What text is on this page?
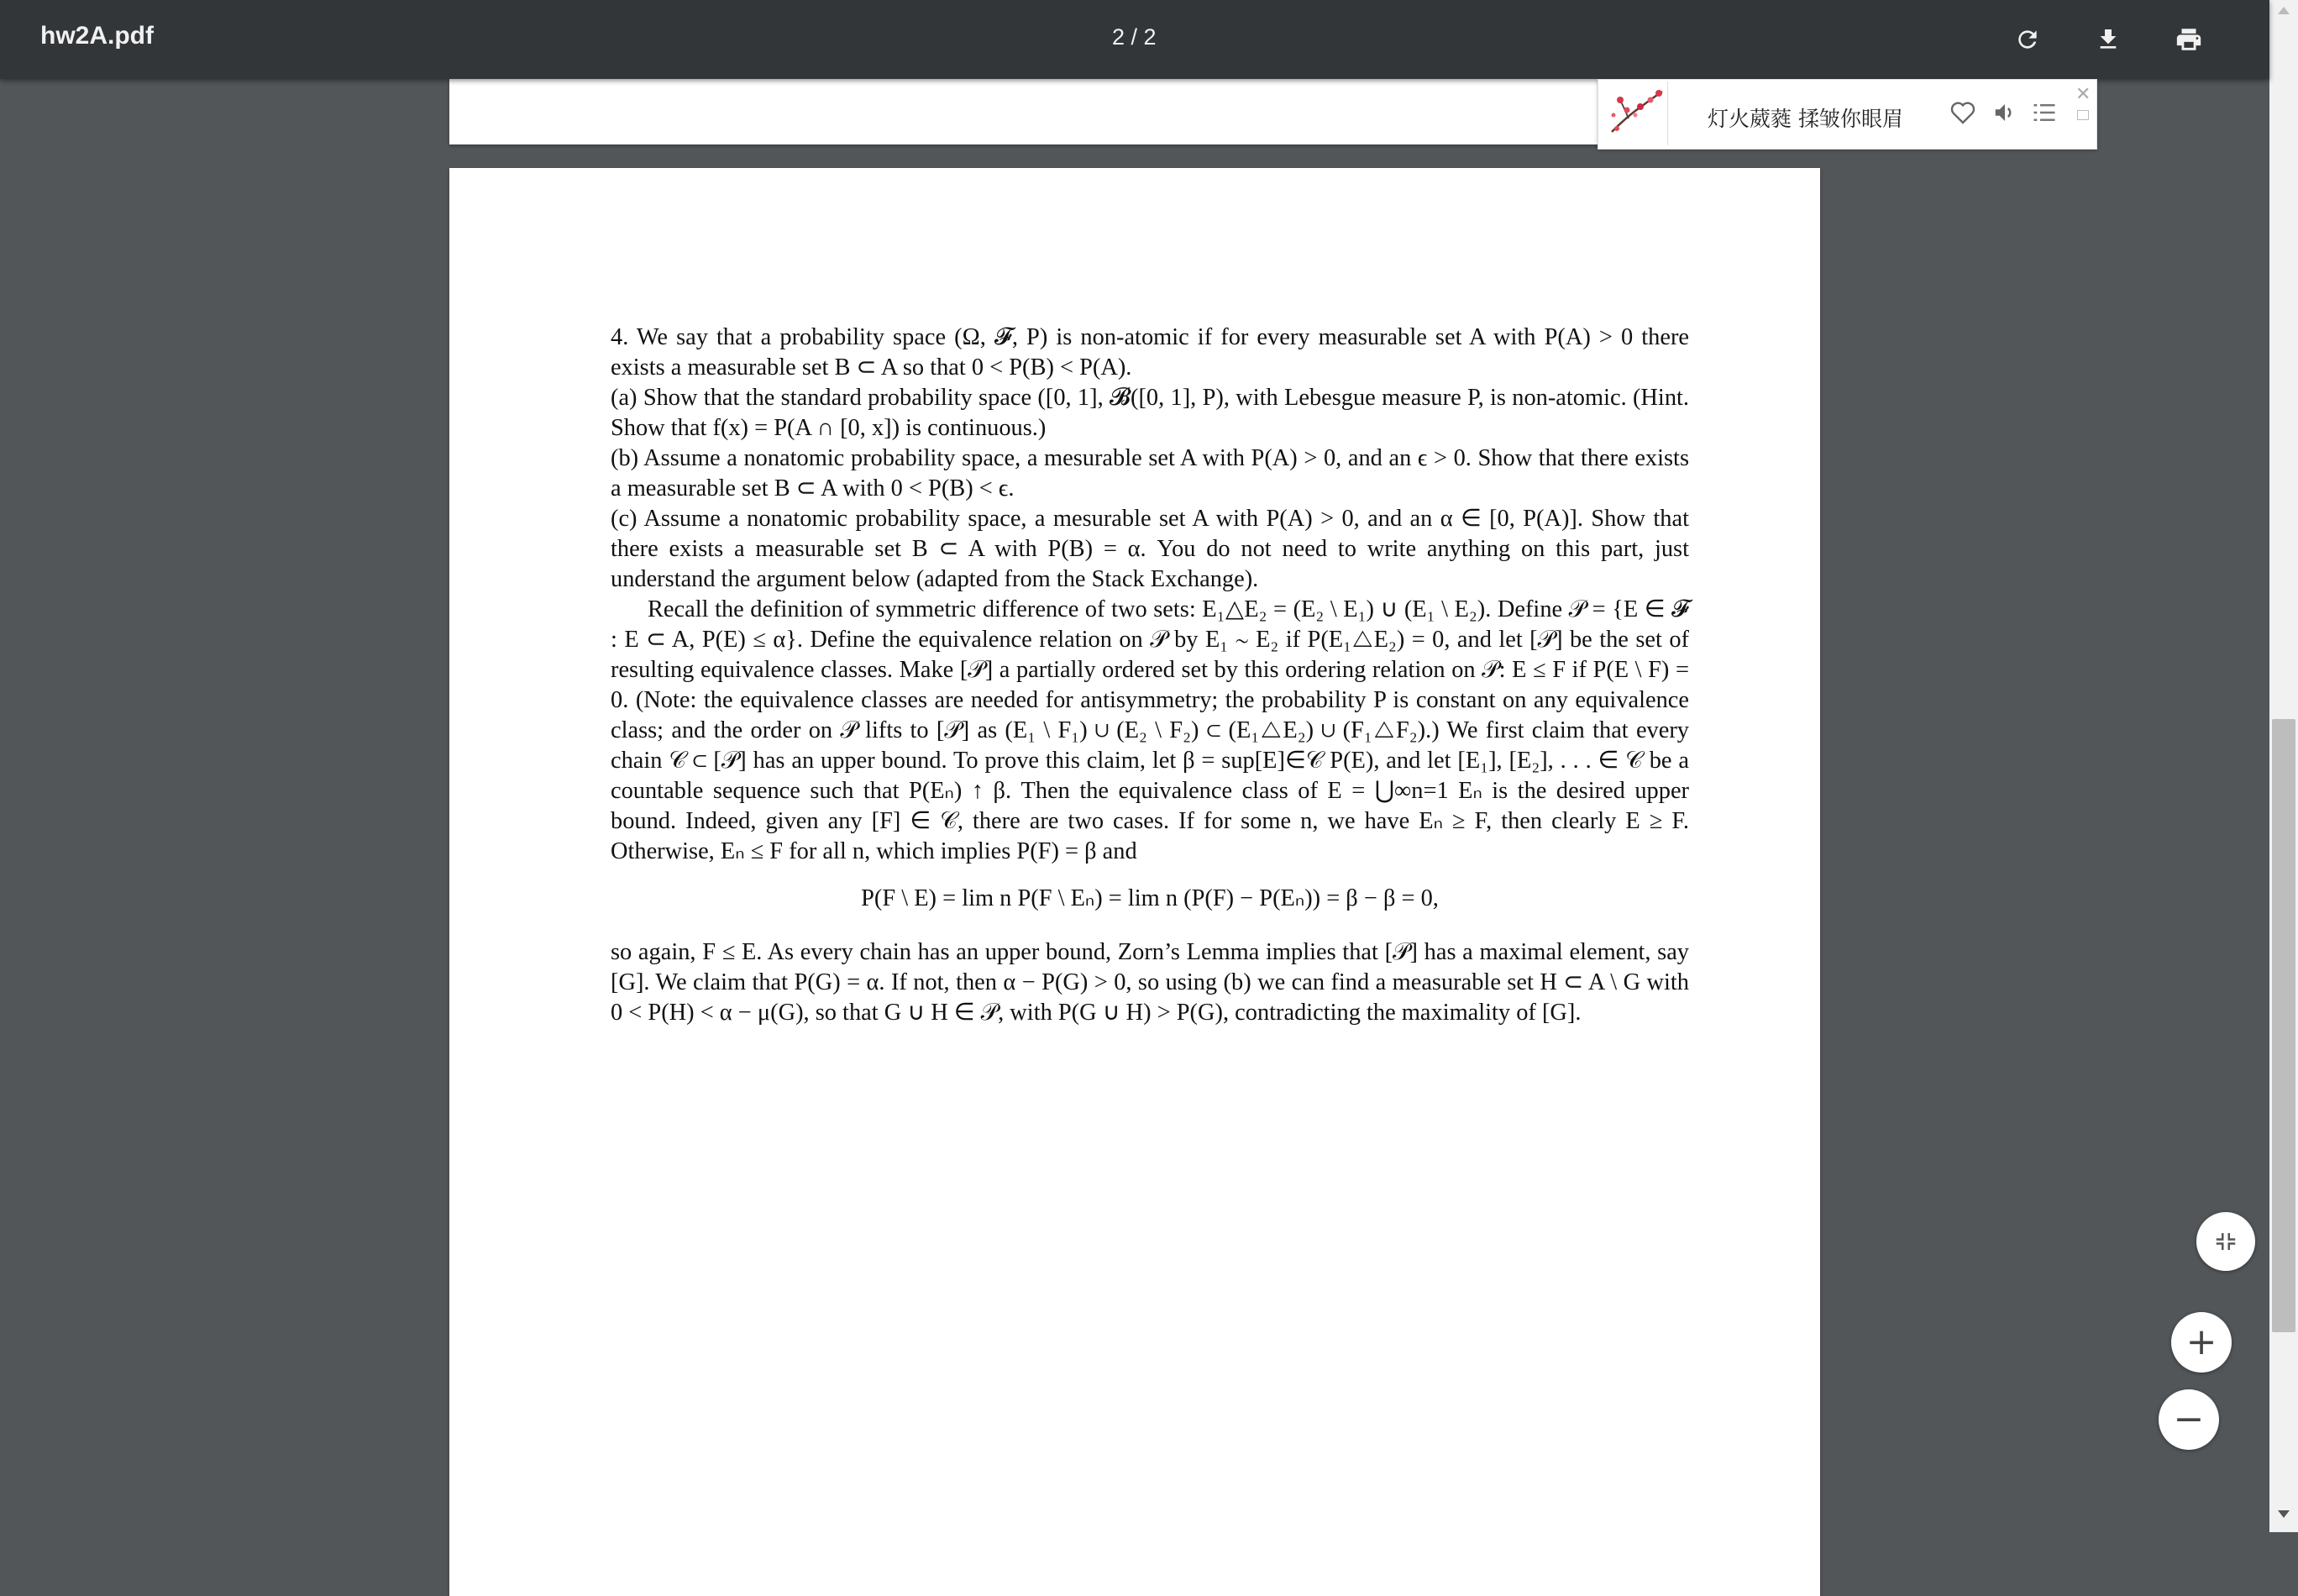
hw2A.pdf	2 / 2

4. We say that a probability space (Ω, 𝓕, P) is non-atomic if for every measurable set A with P(A) > 0 there exists a measurable set B ⊂ A so that 0 < P(B) < P(A).

(a) Show that the standard probability space ([0, 1], 𝓑([0, 1], P), with Lebesgue measure P, is non-atomic. (Hint. Show that f(x) = P(A ∩ [0, x]) is continuous.)

(b) Assume a nonatomic probability space, a mesurable set A with P(A) > 0, and an ϵ > 0. Show that there exists a measurable set B ⊂ A with 0 < P(B) < ϵ.

(c) Assume a nonatomic probability space, a mesurable set A with P(A) > 0, and an α ∈ [0, P(A)]. Show that there exists a measurable set B ⊂ A with P(B) = α. You do not need to write anything on this part, just understand the argument below (adapted from the Stack Exchange).

Recall the definition of symmetric difference of two sets: E₁△E₂ = (E₂ \ E₁) ∪ (E₁ \ E₂). Define 𝒫 = {E ∈ 𝓕 : E ⊂ A, P(E) ≤ α}. Define the equivalence relation on 𝒫 by E₁ ∼ E₂ if P(E₁△E₂) = 0, and let [𝒫] be the set of resulting equivalence classes. Make [𝒫] a partially ordered set by this ordering relation on 𝒫: E ≤ F if P(E \ F) = 0. (Note: the equivalence classes are needed for antisymmetry; the probability P is constant on any equivalence class; and the order on 𝒫 lifts to [𝒫] as (E₁ \ F₁) ∪ (E₂ \ F₂) ⊂ (E₁△E₂) ∪ (F₁△F₂).) We first claim that every chain 𝒞 ⊂ [𝒫] has an upper bound. To prove this claim, let β = sup[E]∈𝒞 P(E), and let [E₁], [E₂], . . . ∈ 𝒞 be a countable sequence such that P(Eₙ) ↑ β. Then the equivalence class of E = ⋃∞n=1 Eₙ is the desired upper bound. Indeed, given any [F] ∈ 𝒞, there are two cases. If for some n, we have Eₙ ≥ F, then clearly E ≥ F. Otherwise, Eₙ ≤ F for all n, which implies P(F) = β and

P(F \ E) = lim n P(F \ Eₙ) = lim n (P(F) − P(Eₙ)) = β − β = 0,

so again, F ≤ E. As every chain has an upper bound, Zorn’s Lemma implies that [𝒫] has a maximal element, say [G]. We claim that P(G) = α. If not, then α − P(G) > 0, so using (b) we can find a measurable set H ⊂ A \ G with 0 < P(H) < α − μ(G), so that G ∪ H ∈ 𝒫, with P(G ∪ H) > P(G), contradicting the maximality of [G].

灯火葳蕤 揉皱你眼眉
✕
+
−
